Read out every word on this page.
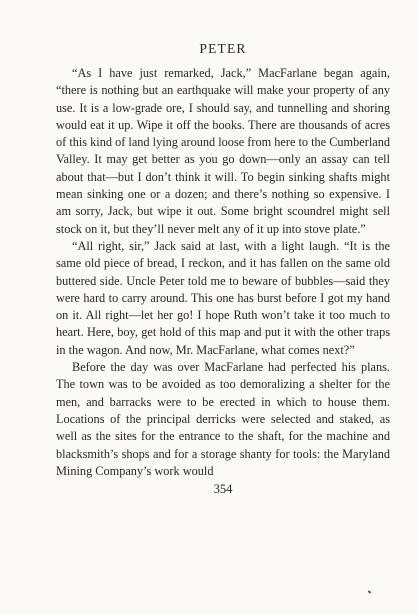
PETER

“As I have just remarked, Jack,” MacFarlane began again, “there is nothing but an earthquake will make your property of any use. It is a low-grade ore, I should say, and tunnelling and shoring would eat it up. Wipe it off the books. There are thousands of acres of this kind of land lying around loose from here to the Cumberland Valley. It may get better as you go down—only an assay can tell about that—but I don’t think it will. To begin sinking shafts might mean sinking one or a dozen; and there’s nothing so expensive. I am sorry, Jack, but wipe it out. Some bright scoundrel might sell stock on it, but they’ll never melt any of it up into stove plate.”

“All right, sir,” Jack said at last, with a light laugh. “It is the same old piece of bread, I reckon, and it has fallen on the same old buttered side. Uncle Peter told me to beware of bubbles—said they were hard to carry around. This one has burst before I got my hand on it. All right—let her go! I hope Ruth won’t take it too much to heart. Here, boy, get hold of this map and put it with the other traps in the wagon. And now, Mr. MacFarlane, what comes next?”

Before the day was over MacFarlane had perfected his plans. The town was to be avoided as too demoralizing a shelter for the men, and barracks were to be erected in which to house them. Locations of the principal derricks were selected and staked, as well as the sites for the entrance to the shaft, for the machine and blacksmith’s shops and for a storage shanty for tools: the Maryland Mining Company’s work would

354
